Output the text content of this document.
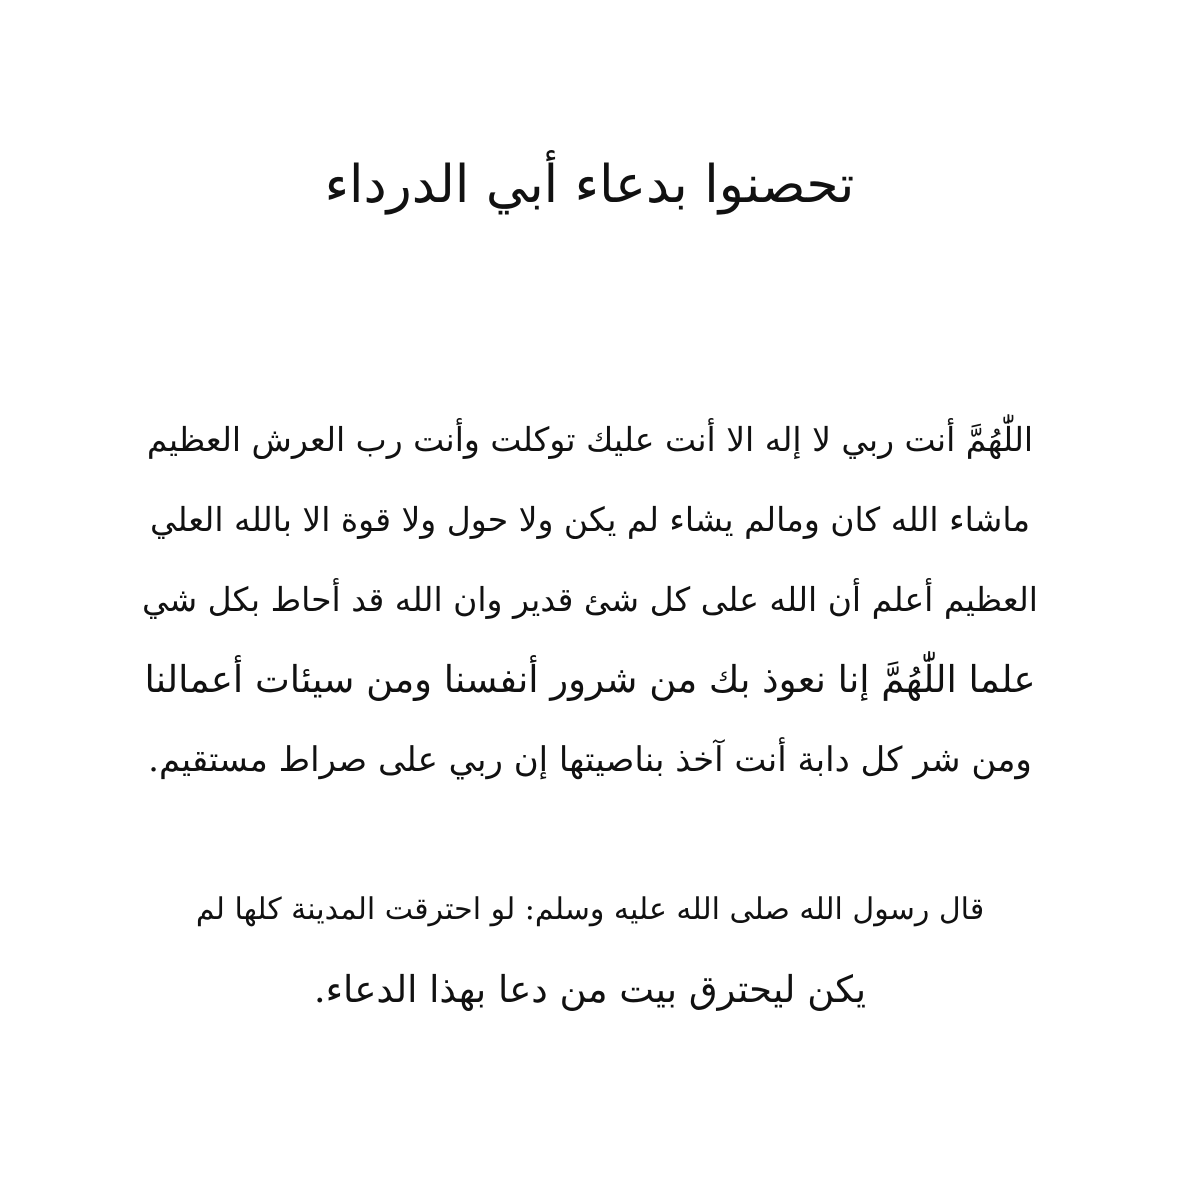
تحصنوا بدعاء أبي الدرداء
اللّٰهُمَّ أنت ربي لا إله الا أنت عليك توكلت وأنت رب العرش العظيم
ماشاء الله كان ومالم يشاء لم يكن ولا حول ولا قوة الا بالله العلي
العظيم أعلم أن الله على كل شئ قدير وان الله قد أحاط بكل شي
علما اللّٰهُمَّ إنا نعوذ بك من شرور أنفسنا ومن سيئات أعمالنا
ومن شر كل دابة أنت آخذ بناصيتها إن ربي على صراط مستقيم.
قال رسول الله صلى الله عليه وسلم: لو احترقت المدينة كلها لم
يكن ليحترق بيت من دعا بهذا الدعاء.
